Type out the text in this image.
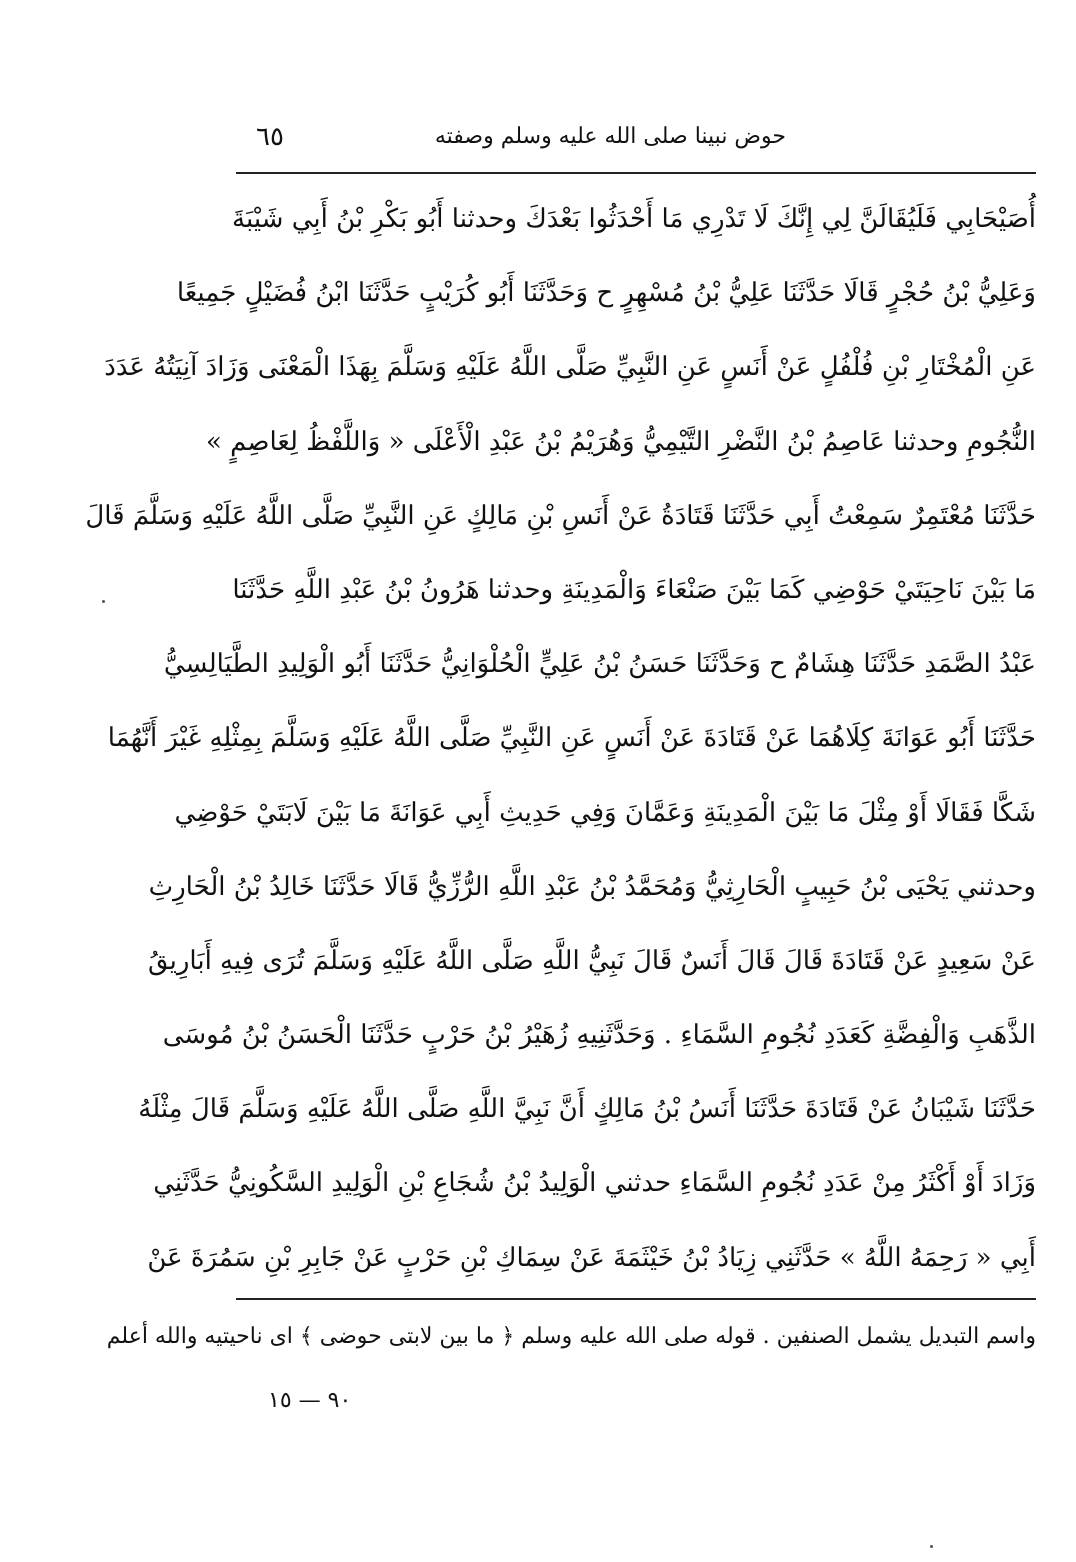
حوض نبينا صلى الله عليه وسلم وصفته
٦٥
أُصَيْحَابِي فَلَيُقَالَنَّ لِي إِنَّكَ لَا تَدْرِي مَا أَحْدَثُوا بَعْدَكَ وحدثنا أَبُو بَكْرِ بْنُ أَبِي شَيْبَةَ
وَعَلِيُّ بْنُ حُجْرٍ قَالَا حَدَّثَنَا عَلِيُّ بْنُ مُسْهِرٍ ح وَحَدَّثَنَا أَبُو كُرَيْبٍ حَدَّثَنَا ابْنُ فُضَيْلٍ جَمِيعًا
عَنِ الْمُخْتَارِ بْنِ فُلْفُلٍ عَنْ أَنَسٍ عَنِ النَّبِيِّ صَلَّى اللَّهُ عَلَيْهِ وَسَلَّمَ بِهَذَا الْمَعْنَى وَزَادَ آنِيَتُهُ عَدَدَ
النُّجُومِ وحدثنا عَاصِمُ بْنُ النَّضْرِ التَّيْمِيُّ وَهُرَيْمُ بْنُ عَبْدِ الْأَعْلَى « وَاللَّفْظُ لِعَاصِمٍ »
حَدَّثَنَا مُعْتَمِرٌ سَمِعْتُ أَبِي حَدَّثَنَا قَتَادَةُ عَنْ أَنَسِ بْنِ مَالِكٍ عَنِ النَّبِيِّ صَلَّى اللَّهُ عَلَيْهِ وَسَلَّمَ قَالَ
مَا بَيْنَ نَاحِيَتَيْ حَوْضِي كَمَا بَيْنَ صَنْعَاءَ وَالْمَدِينَةِ وحدثنا هَرُونُ بْنُ عَبْدِ اللَّهِ حَدَّثَنَا
عَبْدُ الصَّمَدِ حَدَّثَنَا هِشَامٌ ح وَحَدَّثَنَا حَسَنُ بْنُ عَلِيٍّ الْحُلْوَانِيُّ حَدَّثَنَا أَبُو الْوَلِيدِ الطَّيَالِسِيُّ
حَدَّثَنَا أَبُو عَوَانَةَ كِلَاهُمَا عَنْ قَتَادَةَ عَنْ أَنَسٍ عَنِ النَّبِيِّ صَلَّى اللَّهُ عَلَيْهِ وَسَلَّمَ بِمِثْلِهِ غَيْرَ أَنَّهُمَا
شَكَّا فَقَالَا أَوْ مِثْلَ مَا بَيْنَ الْمَدِينَةِ وَعَمَّانَ وَفِي حَدِيثِ أَبِي عَوَانَةَ مَا بَيْنَ لَابَتَيْ حَوْضِي
وحدثني يَحْيَى بْنُ حَبِيبٍ الْحَارِثِيُّ وَمُحَمَّدُ بْنُ عَبْدِ اللَّهِ الرُّزِّيُّ قَالَا حَدَّثَنَا خَالِدُ بْنُ الْحَارِثِ
عَنْ سَعِيدٍ عَنْ قَتَادَةَ قَالَ قَالَ أَنَسٌ قَالَ نَبِيُّ اللَّهِ صَلَّى اللَّهُ عَلَيْهِ وَسَلَّمَ تُرَى فِيهِ أَبَارِيقُ
الذَّهَبِ وَالْفِضَّةِ كَعَدَدِ نُجُومِ السَّمَاءِ . وَحَدَّثَنِيهِ زُهَيْرُ بْنُ حَرْبٍ حَدَّثَنَا الْحَسَنُ بْنُ مُوسَى
حَدَّثَنَا شَيْبَانُ عَنْ قَتَادَةَ حَدَّثَنَا أَنَسُ بْنُ مَالِكٍ أَنَّ نَبِيَّ اللَّهِ صَلَّى اللَّهُ عَلَيْهِ وَسَلَّمَ قَالَ مِثْلَهُ
وَزَادَ أَوْ أَكْثَرُ مِنْ عَدَدِ نُجُومِ السَّمَاءِ حدثني الْوَلِيدُ بْنُ شُجَاعِ بْنِ الْوَلِيدِ السَّكُونِيُّ حَدَّثَنِي
أَبِي « رَحِمَهُ اللَّهُ » حَدَّثَنِي زِيَادُ بْنُ خَيْثَمَةَ عَنْ سِمَاكِ بْنِ حَرْبٍ عَنْ جَابِرِ بْنِ سَمُرَةَ عَنْ
واسم التبديل يشمل الصنفين . قوله صلى الله عليه وسلم ﴿ ما بين لابتى حوضى ﴾ اى ناحيتيه والله أعلم
٩٠ — ١٥
